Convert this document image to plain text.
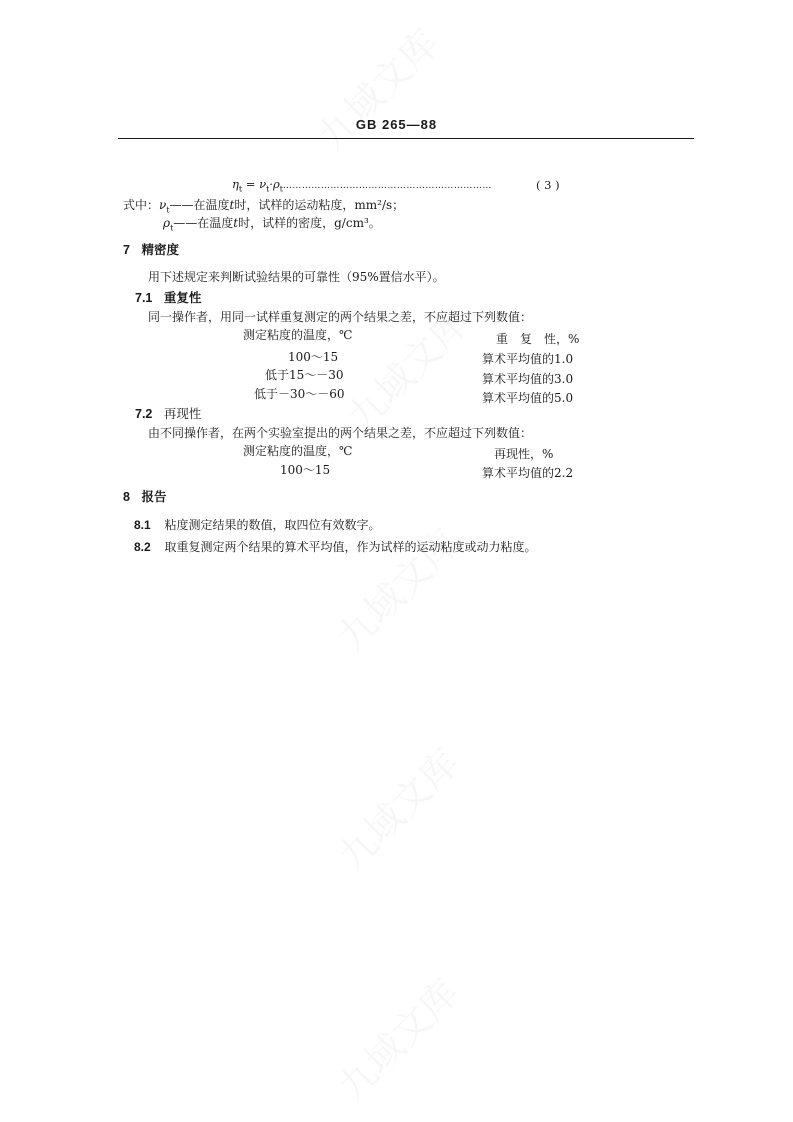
GB 265—88
$\eta_t$ = $\nu_t\cdot\rho_t\dots\dots\dots\dots\dots\dots\dots\dots\dots\dots\dots\dots\dots\dots\dots\dots\dots\dots\dots\dots\dots\dots$	( 3 )
式中：$\nu_t——$在温度t时，试样的运动粘度，mm²/s；
$\rho_t——$在温度t时，试样的密度，g/cm³。
7 精密度
用下述规定来判断试验结果的可靠性（95%置信水平）。
7.1 重复性
同一操作者，用同一试样重复测定的两个结果之差，不应超过下列数值：
测定粘度的温度，℃	重　复　性，%
100～15	算术平均值的1.0
低于15～－30	算术平均值的3.0
低于－30～－60	算术平均值的5.0
7.2 再现性
由不同操作者，在两个实验室提出的两个结果之差，不应超过下列数值：
测定粘度的温度，℃	再现性，%
100～15	算术平均值的2.2
8 报告
8.1 粘度测定结果的数值，取四位有效数字。
8.2 取重复测定两个结果的算术平均值，作为试样的运动粘度或动力粘度。
